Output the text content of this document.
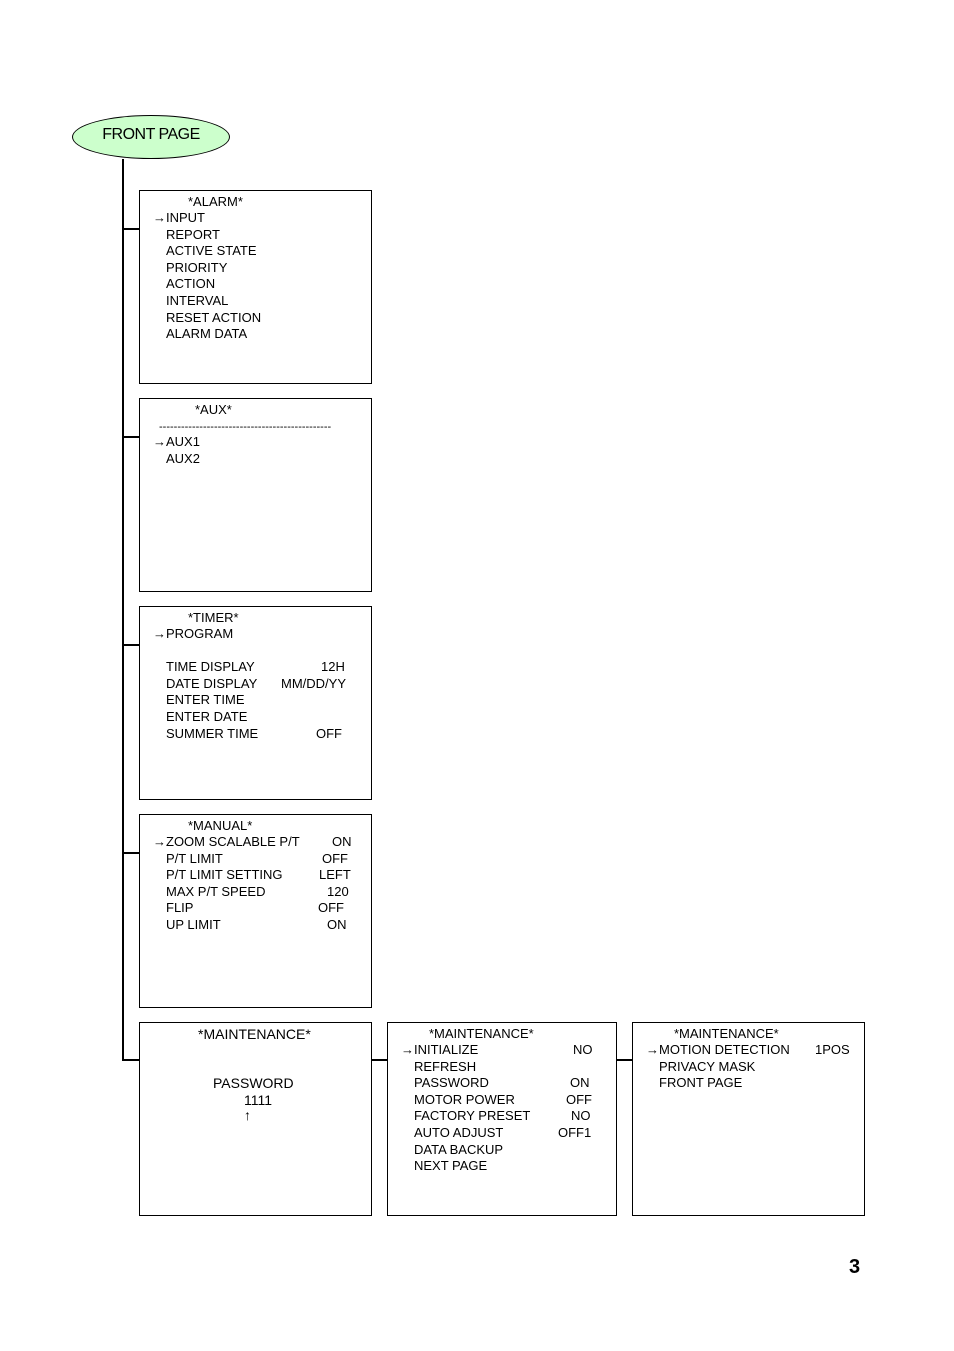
FRONT PAGE
*ALARM*
→ INPUT
REPORT
ACTIVE STATE
PRIORITY
ACTION
INTERVAL
RESET ACTION
ALARM DATA
*AUX*
-----------------------------------------------
→ AUX1
AUX2
*TIMER*
→ PROGRAM
TIME DISPLAY	12H
DATE DISPLAY MM/DD/YY
ENTER TIME
ENTER DATE
SUMMER TIME	OFF
*MANUAL*
→ ZOOM SCALABLE P/T ON
P/T LIMIT	OFF
P/T LIMIT SETTING	LEFT
MAX P/T SPEED	120
FLIP	OFF
UP LIMIT	ON
*MAINTENANCE*
PASSWORD
1111
↑
*MAINTENANCE*
→ INITIALIZE	NO
REFRESH
PASSWORD	ON
MOTOR POWER	OFF
FACTORY PRESET	NO
AUTO ADJUST	OFF1
DATA BACKUP
NEXT PAGE
*MAINTENANCE*
→ MOTION DETECTION 1POS
PRIVACY MASK
FRONT PAGE
3
